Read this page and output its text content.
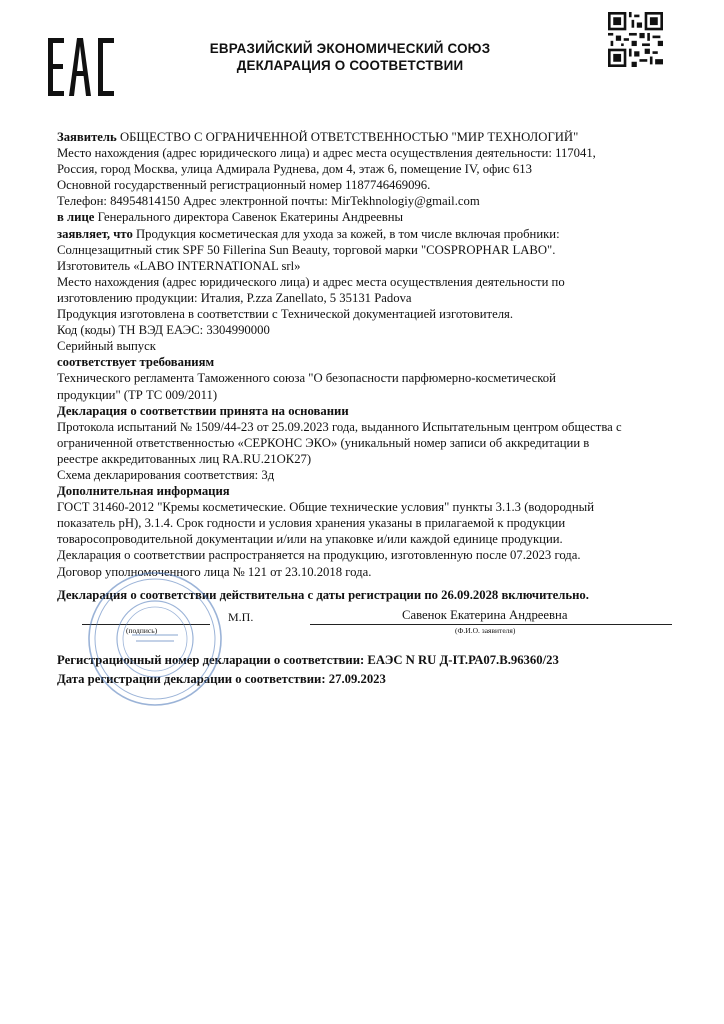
ЕВРАЗИЙСКИЙ ЭКОНОМИЧЕСКИЙ СОЮЗ
ДЕКЛАРАЦИЯ О СООТВЕТСТВИИ

Заявитель ОБЩЕСТВО С ОГРАНИЧЕННОЙ ОТВЕТСТВЕННОСТЬЮ "МИР ТЕХНОЛОГИЙ"

Место нахождения (адрес юридического лица) и адрес места осуществления деятельности: 117041,

Россия, город Москва, улица Адмирала Руднева, дом 4, этаж 6, помещение IV, офис 613

Основной государственный регистрационный номер 1187746469096.

Телефон: 84954814150 Адрес электронной почты: MirTekhnologiy@gmail.com

в лице Генерального директора Савенок Екатерины Андреевны

заявляет, что Продукция косметическая для ухода за кожей, в том числе включая пробники:

Солнцезащитный стик SPF 50 Fillerina Sun Beauty, торговой марки "COSPROPHAR LABO".

Изготовитель «LABO INTERNATIONAL srl»

Место нахождения (адрес юридического лица) и адрес места осуществления деятельности по

изготовлению продукции: Италия, P.zza Zanellato, 5 35131 Padova

Продукция изготовлена в соответствии с Технической документацией изготовителя.

Код (коды) ТН ВЭД ЕАЭС: 3304990000

Серийный выпуск

соответствует требованиям

Технического регламента Таможенного союза "О безопасности парфюмерно-косметической

продукции" (ТР ТС 009/2011)

Декларация о соответствии принята на основании

Протокола испытаний № 1509/44-23 от 25.09.2023 года, выданного Испытательным центром общества с

ограниченной ответственностью «СЕРКОНС ЭКО» (уникальный номер записи об аккредитации в

реестре аккредитованных лиц RA.RU.21ОК27)

Схема декларирования соответствия: 3д

Дополнительная информация

ГОСТ 31460-2012 "Кремы косметические. Общие технические условия" пункты 3.1.3 (водородный

показатель pH), 3.1.4. Срок годности и условия хранения указаны в прилагаемой к продукции

товаросопроводительной документации и/или на упаковке и/или каждой единице продукции.

Декларация о соответствии распространяется на продукцию, изготовленную после 07.2023 года.

Договор уполномоченного лица № 121 от 23.10.2018 года.

Декларация о соответствии действительна с даты регистрации по 26.09.2028 включительно.
М.П.	Савенок Екатерина Андреевна
(подпись)	(Ф.И.О. заявителя)
Регистрационный номер декларации о соответствии: ЕАЭС N RU Д-IT.РА07.В.96360/23
Дата регистрации декларации о соответствии: 27.09.2023
